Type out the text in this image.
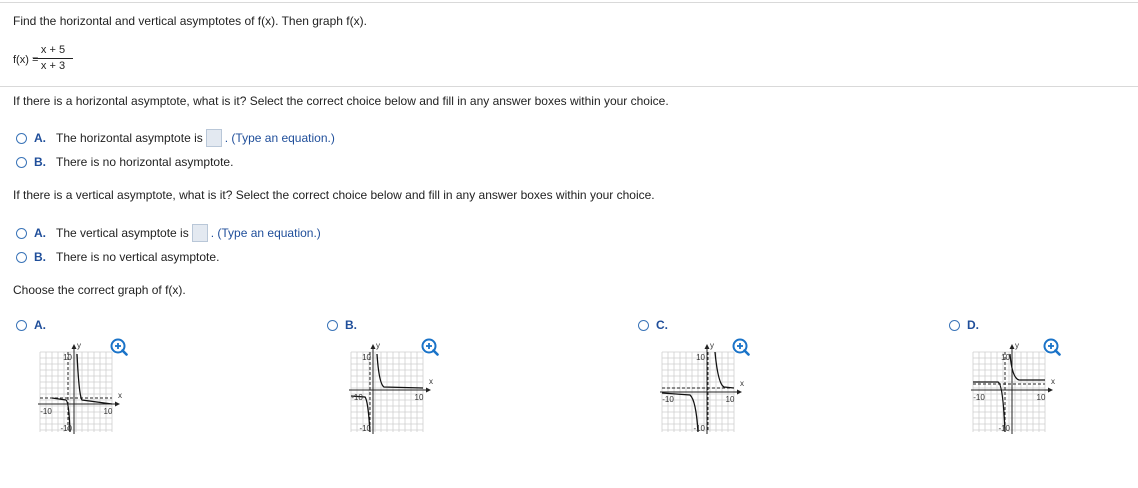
Find the horizontal and vertical asymptotes of f(x). Then graph f(x).
f(x) =
x + 5
x + 3
If there is a horizontal asymptote, what is it? Select the correct choice below and fill in any answer boxes within your choice.
A. The horizontal asymptote is . (Type an equation.)
B. There is no horizontal asymptote.
If there is a vertical asymptote, what is it? Select the correct choice below and fill in any answer boxes within your choice.
A. The vertical asymptote is . (Type an equation.)
B. There is no vertical asymptote.
Choose the correct graph of f(x).
A.	B.	C.	D.
y
x
10
-10
-10	10
y
x
10
-10
-10	10
y
x
10
-10
-10	10
y
x
10
-10
-10	10
